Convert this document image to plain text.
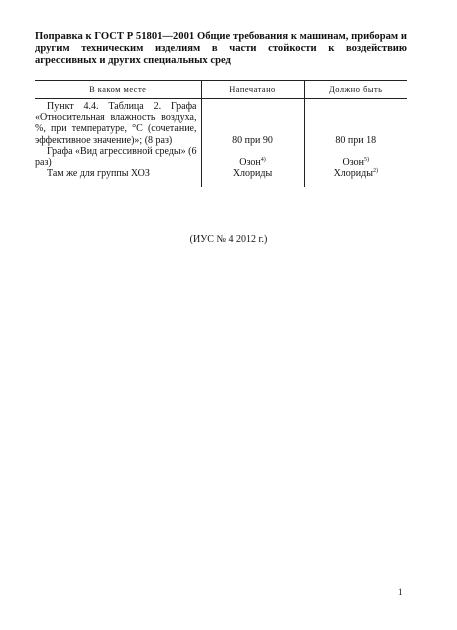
Поправка к ГОСТ Р 51801—2001 Общие требования к машинам, приборам и другим техническим изделиям в части стойкости к воздействию агрессивных и других специальных сред
В каком месте	Напечатано	Должно быть

Пункт 4.4. Таблица 2. Графа «Относительная влажность воздуха, %, при температуре, °С (сочетание, эффективное значение)»; (8 раз)	80 при 90	80 при 18

Графа «Вид агрессивной среды» (6 раз)	Озон$^{4)}$	Озон$^{5)}$

Там же для группы ХОЗ	Хлориды	Хлориды$^{2)}$

(ИУС № 4 2012 г.)
1
